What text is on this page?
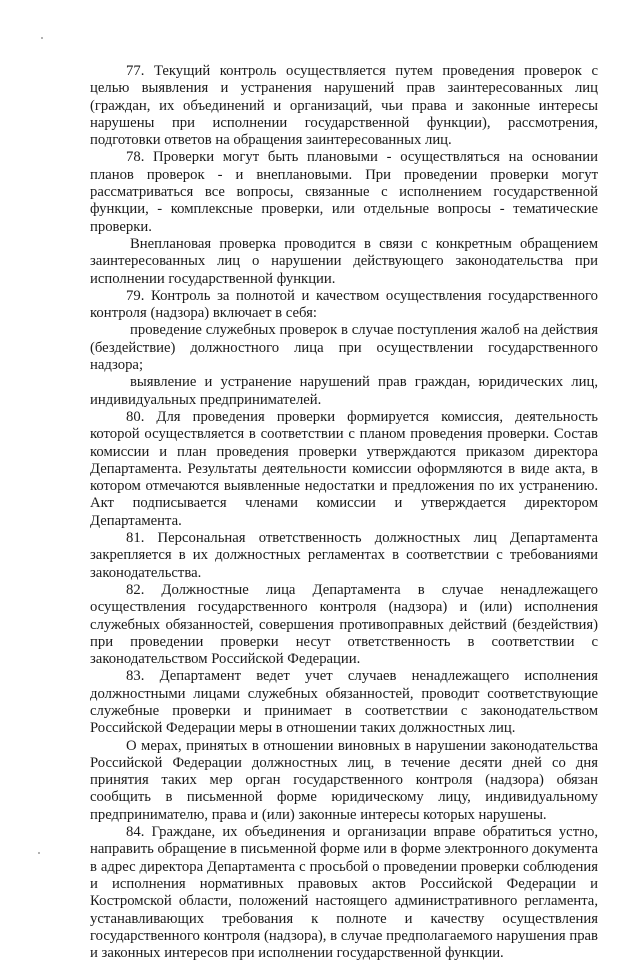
77. Текущий контроль осуществляется путем проведения проверок с целью выявления и устранения нарушений прав заинтересованных лиц (граждан, их объединений и организаций, чьи права и законные интересы нарушены при исполнении государственной функции), рассмотрения, подготовки ответов на обращения заинтересованных лиц.

78. Проверки могут быть плановыми - осуществляться на основании планов проверок - и внеплановыми. При проведении проверки могут рассматриваться все вопросы, связанные с исполнением государственной функции, - комплексные проверки, или отдельные вопросы - тематические проверки.

Внеплановая проверка проводится в связи с конкретным обращением заинтересованных лиц о нарушении действующего законодательства при исполнении государственной функции.

79. Контроль за полнотой и качеством осуществления государственного контроля (надзора) включает в себя:

проведение служебных проверок в случае поступления жалоб на действия (бездействие) должностного лица при осуществлении государственного надзора;

выявление и устранение нарушений прав граждан, юридических лиц, индивидуальных предпринимателей.

80. Для проведения проверки формируется комиссия, деятельность которой осуществляется в соответствии с планом проведения проверки. Состав комиссии и план проведения проверки утверждаются приказом директора Департамента. Результаты деятельности комиссии оформляются в виде акта, в котором отмечаются выявленные недостатки и предложения по их устранению. Акт подписывается членами комиссии и утверждается директором Департамента.

81. Персональная ответственность должностных лиц Департамента закрепляется в их должностных регламентах в соответствии с требованиями законодательства.

82. Должностные лица Департамента в случае ненадлежащего осуществления государственного контроля (надзора) и (или) исполнения служебных обязанностей, совершения противоправных действий (бездействия) при проведении проверки несут ответственность в соответствии с законодательством Российской Федерации.

83. Департамент ведет учет случаев ненадлежащего исполнения должностными лицами служебных обязанностей, проводит соответствующие служебные проверки и принимает в соответствии с законодательством Российской Федерации меры в отношении таких должностных лиц.

О мерах, принятых в отношении виновных в нарушении законодательства Российской Федерации должностных лиц, в течение десяти дней со дня принятия таких мер орган государственного контроля (надзора) обязан сообщить в письменной форме юридическому лицу, индивидуальному предпринимателю, права и (или) законные интересы которых нарушены.

84. Граждане, их объединения и организации вправе обратиться устно, направить обращение в письменной форме или в форме электронного документа в адрес директора Департамента с просьбой о проведении проверки соблюдения и исполнения нормативных правовых актов Российской Федерации и Костромской области, положений настоящего административного регламента, устанавливающих требования к полноте и качеству осуществления государственного контроля (надзора), в случае предполагаемого нарушения прав и законных интересов при исполнении государственной функции.
